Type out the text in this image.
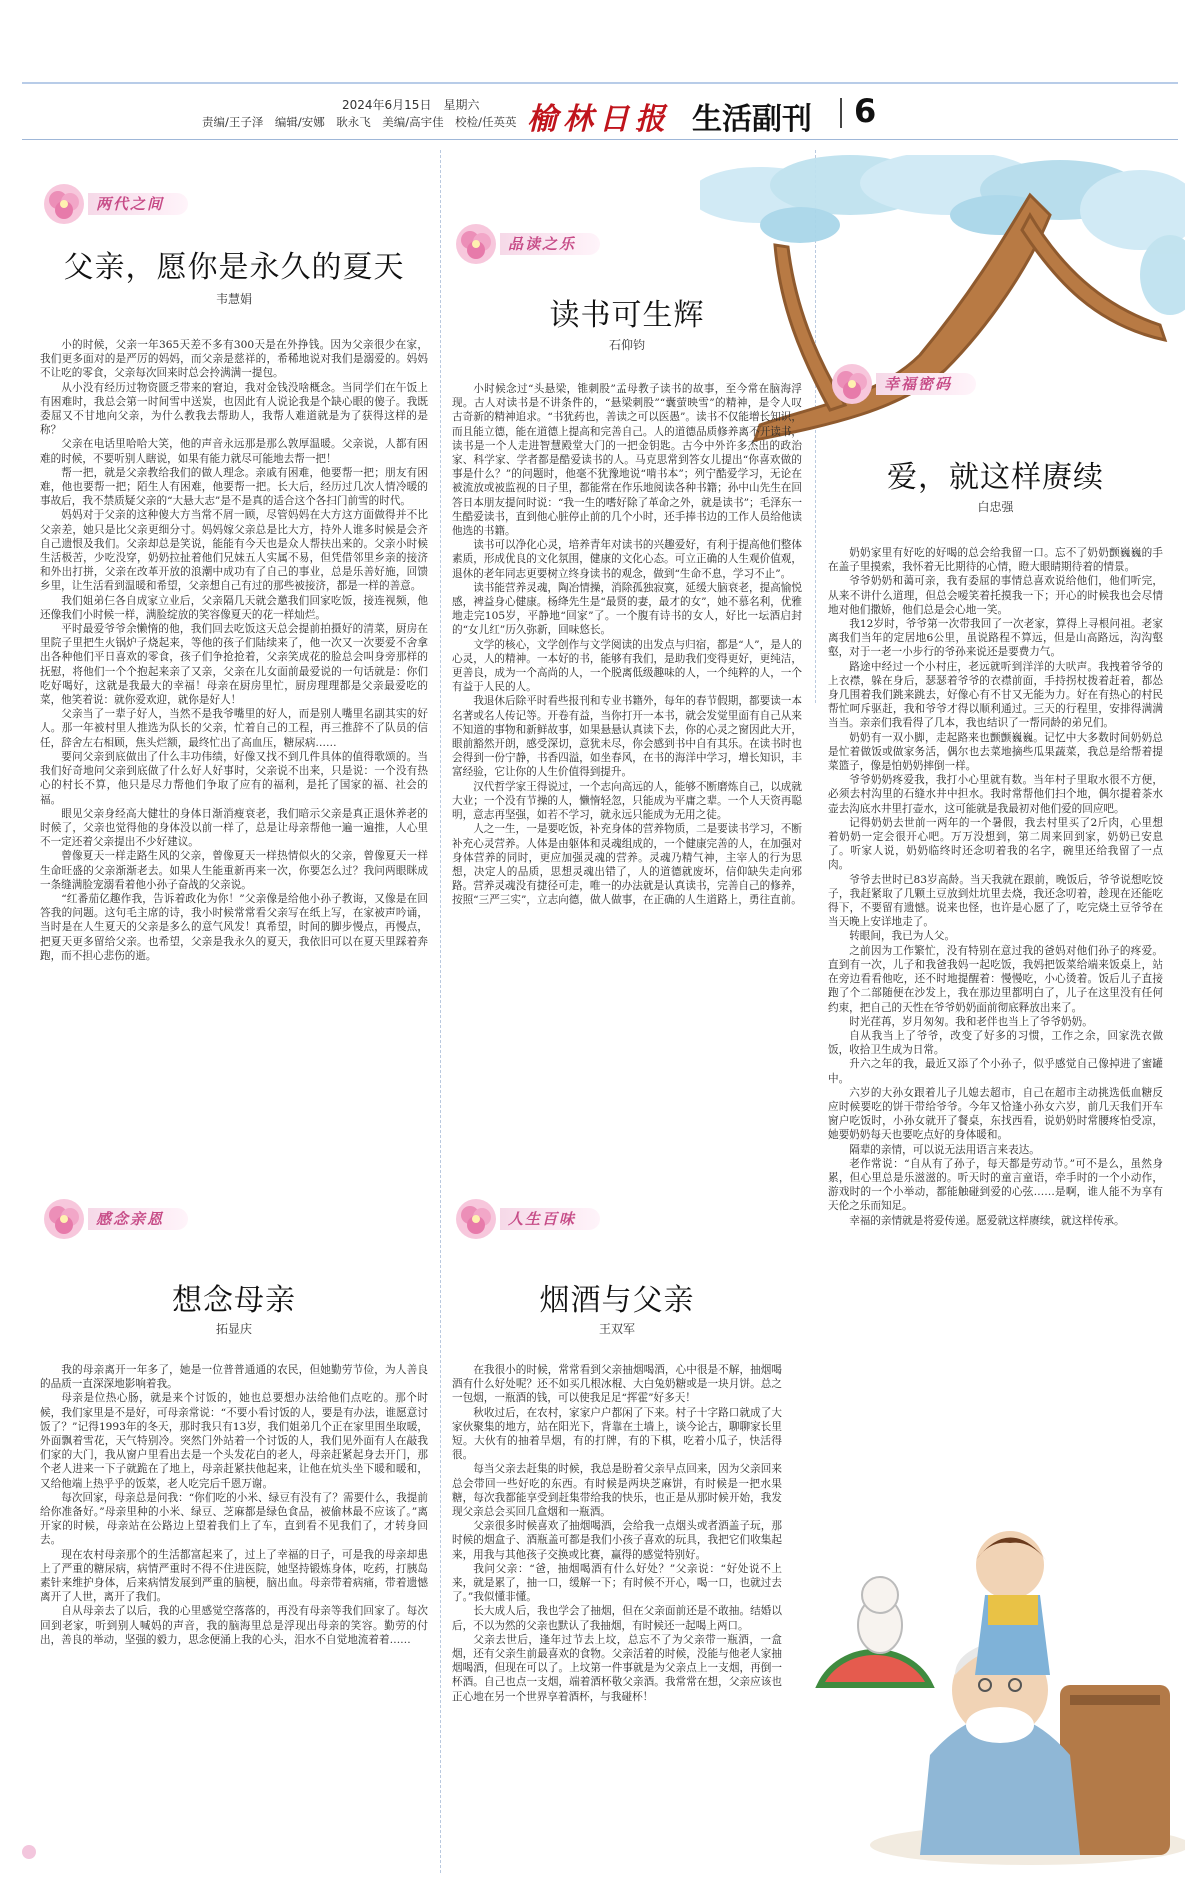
2024年6月15日　星期六
责编/王子泽　编辑/安娜　耿永飞　美编/高宇佳　校检/任英英 榆林日报 生活副刊 6
两代之间
父亲，愿你是永久的夏天
韦慧娟

小的时候，父亲一年365天差不多有300天是在外挣钱。因为父亲很少在家，我们更多面对的是严厉的妈妈，而父亲是慈祥的，希稀地说对我们是溺爱的。妈妈不让吃的零食，父亲每次回来时总会拎满满一提包。

从小没有经历过物资匮乏带来的窘迫，我对金钱没啥概念。当同学们在午饭上有困难时，我总会第一时间雪中送炭，也因此有人说论我是个缺心眼的傻子。我既委屈又不甘地向父亲，为什么教我去帮助人，我帮人难道就是为了获得这样的是称？

父亲在电话里哈哈大笑，他的声音永远那是那么敦厚温暖。父亲说，人都有困难的时候，不要听别人瞎说，如果有能力就尽可能地去帮一把！

帮一把，就是父亲教给我们的做人理念。亲戚有困难，他要帮一把；朋友有困难，他也要帮一把；陌生人有困难，他要帮一把。长大后，经历过几次人情冷暖的事故后，我不禁质疑父亲的“大悬大志”是不是真的适合这个各扫门前雪的时代。

妈妈对于父亲的这种傻大方当常不屑一顾，尽管妈妈在大方这方面做得并不比父亲差，她只是比父亲更细分寸。妈妈嫁父亲总是比大方，持外人谁多时候是会齐自己遗恨及我们。父亲却总是笑说，能能有今天也是众人帮扶出来的。父亲小时候生活极苦，少吃没穿，奶奶拉扯着他们兄妹五人实属不易，但凭借邻里乡亲的接济和外出打拼，父亲在改革开放的浪潮中成功有了自己的事业，总是乐善好施，回馈乡里，让生活看到温暖和希望，父亲想自己有过的那些被接济，都是一样的善意。

我们姐弟仨各自成家立业后，父亲隔几天就会邀我们回家吃饭，接连视频，他还像我们小时候一样，满脸绽放的笑容像夏天的花一样灿烂。

平时最爱爷爷余懒惰的他，我们回去吃饭这天总会提前拍摄好的清菜，厨房在里院子里把生火锅炉子烧起来，等他的孩子们陆续来了，他一次又一次要爱不舍拿出各种他们平日喜欢的零食，孩子们争抢抢着，父亲笑成花的脸总会叫身旁那样的抚慰，将他们一个个抱起来亲了又亲，父亲在儿女面前最爱说的一句话就是：你们吃好喝好，这就是我最大的幸福！母亲在厨房里忙，厨房理理都是父亲最爱吃的菜，他笑着说：就你爱欢迎，就你是好人！

父亲当了一辈子好人，当然不是我爷嘴里的好人，而是别人嘴里名副其实的好人。那一年被村里人推选为队长的父亲，忙着自己的工程，再三推辞不了队员的信任，辞舍左右相顾，焦头烂额，最终忙出了高血压，糖尿病……

要问父亲到底做出了什么丰功伟绩，好像又找不到几件具体的值得歌颂的。当我们好奇地问父亲到底做了什么好人好事时，父亲说不出来，只是说：一个没有热心的村长不算，他只是尽力帮他们争取了应有的福利，是托了国家的福、社会的福。

眼见父亲身经高大健壮的身体日渐消瘦衰老，我们暗示父亲是真正退休养老的时候了，父亲也觉得他的身体没以前一样了，总是让母亲帮他一遍一遍推，人心里不一定还着父亲提出不少好建议。

曾像夏天一样走路生风的父亲，曾像夏天一样热情似火的父亲，曾像夏天一样生命旺盛的父亲渐渐老去。如果人生能重新再来一次，你要怎么过？我问两眼眯成一条缝满脸宠溺看着他小孙子奋战的父亲说。

“红番茄亿趣作我，告诉着政化为你！”父亲像是给他小孙子教诲，又像是在回答我的问题。这句毛主席的诗，我小时候常常看父亲写在纸上写，在家被声吟诵，当时是在人生夏天的父亲是多么的意气风发！真希望，时间的脚步慢点，再慢点，把夏天更多留给父亲。也希望，父亲是我永久的夏天，我依旧可以在夏天里踩着奔跑，而不担心悲伤的逝。

品读之乐
读书可生辉
石仰钧

小时候念过“头悬梁，锥刺股”孟母教子读书的故事，至今常在脑海浮现。古人对读书是不讲条件的，“悬梁刺股”“囊萤映雪”的精神，是令人叹古奇新的精神追求。“书犹药也，善读之可以医愚”。读书不仅能增长知识，而且能立德，能在道德上提高和完善自己。人的道德品质修养离不开读书，读书是一个人走进智慧殿堂大门的一把金钥匙。古今中外许多杰出的政治家、科学家、学者都是酷爱读书的人。马克思常到答女儿提出“你喜欢做的事是什么？”的问题时，他毫不犹豫地说“啃书本”；列宁酷爱学习，无论在被流放或被监视的日子里，都能常在作乐地阅读各种书籍；孙中山先生在回答日本朋友提问时说：“我一生的嗜好除了革命之外，就是读书”；毛泽东一生酷爱读书，直到他心脏停止前的几个小时，还手捧书边的工作人员给他读他选的书籍。

读书可以净化心灵，培养青年对读书的兴趣爱好，有利于提高他们整体素质，形成优良的文化氛围，健康的文化心态。可立正确的人生观价值观，退休的老年同志更要树立终身读书的观念，做到“生命不息，学习不止”。

读书能营养灵魂，陶冶情操，消除孤独寂寞，延缓大脑衰老，提高愉悦感，裨益身心健康。杨绛先生是“最贤的妻，最才的女”，她不慕名利，优雅地走完105岁，平静地“回家”了。一个腹有诗书的女人，好比一坛酒启封的“女儿红”历久弥新，回味悠长。

文学的核心，文学创作与文学阅读的出发点与归宿，都是“人”，是人的心灵，人的精神。一本好的书，能够有我们，是助我们变得更好，更纯洁，更善良，成为一个高尚的人，一个脱离低级趣味的人，一个纯粹的人，一个有益于人民的人。

我退休后除平时看些报刊和专业书籍外，每年的春节假期，都要读一本名著或名人传记等。开卷有益，当你打开一本书，就会发觉里面有自己从来不知道的事物和新鲜故事，如果悬悬认真读下去，你的心灵之窗因此大开，眼前豁然开朗，感受深切，意犹未尽，你会感到书中自有其乐。在读书时也会得到一份宁静，书香四溢，如坐春风，在书的海洋中学习，增长知识，丰富经验，它让你的人生价值得到提升。

汉代哲学家王得说过，一个志向高远的人，能够不断磨炼自己，以成就大业；一个没有节操的人，懒惰轻忽，只能成为平庸之辈。一个人天资再聪明，意志再坚强，如若不学习，就永远只能成为无用之徒。

人之一生，一是要吃饭，补充身体的营养物质，二是要读书学习，不断补充心灵营养。人体是由躯体和灵魂组成的，一个健康完善的人，在加强对身体营养的同时，更应加强灵魂的营养。灵魂乃精气神，主宰人的行为思想，决定人的品质，思想灵魂出错了，人的道德就废坏，信仰缺失走向邪路。营养灵魂没有捷径可走，唯一的办法就是认真读书，完善自己的修养，按照“三严三实”，立志向德，做人做事，在正确的人生道路上，勇往直前。

幸福密码
爱，就这样赓续
白忠强

奶奶家里有好吃的好喝的总会给我留一口。忘不了奶奶颤巍巍的手在盖子里摸索，我怀着无比期待的心情，瞪大眼睛期待着的情景。

爷爷奶奶和蔼可亲，我有委屈的事情总喜欢说给他们，他们听完，从来不讲什么道理，但总会嗳笑着托摸我一下；开心的时候我也会尽情地对他们撒娇，他们总是会心地一笑。

我12岁时，爷爷第一次带我回了一次老家，算得上寻根问祖。老家离我们当年的定居地6公里，虽说路程不算远，但是山高路远，沟沟壑壑，对于一老一小步行的爷孙来说还是要费力气。

路途中经过一个小村庄，老远就听到洋洋的大吠声。我拽着爷爷的上衣襟，躲在身后，瑟瑟着爷爷的衣襟前面，手持拐杖拨着赶着，都怂身几围着我们跳来跳去，好像心有不甘又无能为力。好在有热心的村民帮忙呵斥驱赶，我和爷爷才得以顺利通过。三天的行程里，安排得满满当当。亲亲们我看得了几本，我也结识了一帮同龄的弟兄们。

奶奶有一双小脚，走起路来也颤颤巍巍。记忆中大多数时间奶奶总是忙着做饭或做家务活，偶尔也去菜地摘些瓜果蔬菜，我总是给帮着提菜篮子，像是怕奶奶摔倒一样。

爷爷奶奶疼爱我，我打小心里就有数。当年村子里取水很不方便，必须去村沟里的石缝水井中担水。我时常帮他们扫个地，偶尔提着茶水壶去沟底水井里打壶水，这可能就是我最初对他们爱的回应吧。

记得奶奶去世前一两年的一个暑假，我去村里买了2斤肉，心里想着奶奶一定会很开心吧。万万没想到，第二周来回到家，奶奶已安息了。听家人说，奶奶临终时还念叨着我的名字，碗里还给我留了一点肉。

爷爷去世时已83岁高龄。当天我就在跟前，晚饭后，爷爷说想吃饺子，我赶紧取了几颗土豆放到灶坑里去烧，我还念叨着，趁现在还能吃得下，不要留有遗憾。说来也怪，也许是心愿了了，吃完烧土豆爷爷在当天晚上安详地走了。

转眼间，我已为人父。

之前因为工作繁忙，没有特别在意过我的爸妈对他们孙子的疼爱。直到有一次，儿子和我爸我妈一起吃饭，我妈把饭菜给端来饭桌上，站在旁边看看他吃，还不时地提醒着：慢慢吃，小心烫着。饭后儿子直接跑了个二部随便在沙发上，我在那边里都明白了，儿子在这里没有任何约束，把自己的天性在爷爷奶奶面前彻底释放出来了。

时光荏苒，岁月匆匆。我和老伴也当上了爷爷奶奶。

自从我当上了爷爷，改变了好多的习惯，工作之余，回家洗衣做饭，收拾卫生成为日常。

升六之年的我，最近又添了个小孙子，似乎感觉自己像掉进了蜜罐中。

六岁的大孙女跟着儿子儿媳去超市，自己在超市主动挑选低血糖反应时候要吃的饼干带给爷爷。今年又恰逢小孙女六岁，前几天我们开车窗户吃饭时，小孙女就开了餐桌，东找西看，说奶奶时常腰疼怕受凉，她要奶奶每天也要吃点好的身体暖和。

隔辈的亲情，可以说无法用语言来表达。

老作常说：“自从有了孙子，每天都是劳动节。”可不是么，虽然身累，但心里总是乐滋滋的。听天时的童言童语，牵手时的一个小动作，游戏时的一个小举动，都能触碰到爱的心弦……是啊，谁人能不为享有天伦之乐而知足。

幸福的亲情就是将爱传递。愿爱就这样赓续，就这样传承。

感念亲恩
想念母亲
拓显庆

我的母亲离开一年多了，她是一位普普通通的农民，但她勤劳节俭，为人善良的品质一直深深地影响着我。

母亲是位热心肠，就是来个讨饭的，她也总要想办法给他们点吃的。那个时候，我们家里是不是好，可母亲常说：“不要小看讨饭的人，要是有办法，谁愿意讨饭了？”记得1993年的冬天，那时我只有13岁，我们姐弟几个正在家里围坐取暖，外面飘着雪花，天气特别冷。突然门外站着一个讨饭的人，我们见外面有人在敲我们家的大门，我从窗户里看出去是一个头发花白的老人，母亲赶紧起身去开门，那个老人进来一下子就跪在了地上，母亲赶紧扶他起来，让他在炕头坐下暖和暖和，又给他端上热乎乎的饭菜，老人吃完后千恩万谢。

每次回家，母亲总是问我：“你们吃的小米、绿豆有没有了？需要什么，我提前给你准备好。”母亲里种的小米、绿豆、芝麻都是绿色食品，被偷林最不应该了。”离开家的时候，母亲站在公路边上望着我们上了车，直到看不见我们了，才转身回去。

现在农村母亲那个的生活都富起来了，过上了幸福的日子，可是我的母亲却患上了严重的糖尿病，病情严重时不得不住进医院，她坚持锻炼身体，吃药，打胰岛素针来维护身体，后来病情发展到严重的脑梗，脑出血。母亲带着病痛，带着遗憾离开了人世，离开了我们。

自从母亲去了以后，我的心里感觉空落落的，再没有母亲等我们回家了。每次回到老家，听到别人喊妈的声音，我的脑海里总是浮现出母亲的笑容。勤劳的付出，善良的举动，坚强的毅力，思念便涌上我的心头，泪水不自觉地流着着……

人生百味
烟酒与父亲
王双军

在我很小的时候，常常看到父亲抽烟喝酒，心中很是不解，抽烟喝酒有什么好处呢？还不如买几根冰棍、大白兔奶糖或是一块月饼。总之一包烟，一瓶酒的钱，可以使我足足“挥霍”好多天！

秋收过后，在农村，家家户户都闲了下来。村子十字路口就成了大家伙聚集的地方，站在阳光下，背靠在土墙上，谈今论古，聊聊家长里短。大伙有的抽着旱烟，有的打牌，有的下棋，吃着小瓜子，快活得很。

每当父亲去赶集的时候，我总是盼着父亲早点回来，因为父亲回来总会带回一些好吃的东西。有时候是两块芝麻饼，有时候是一把水果糖，每次我都能享受到赶集带给我的快乐，也正是从那时候开始，我发现父亲总会买回几盒烟和一瓶酒。

父亲很多时候喜欢了抽烟喝酒，会给我一点烟头或者酒盖子玩，那时候的烟盒子、酒瓶盖可都是我们小孩子喜欢的玩具，我把它们收集起来，用我与其他孩子交换或比赛，赢得的感觉特别好。

我问父亲：“爸，抽烟喝酒有什么好处？”父亲说：“好处说不上来，就是累了，抽一口，缓解一下；有时候不开心，喝一口，也就过去了。”我似懂非懂。

长大成人后，我也学会了抽烟，但在父亲面前还是不敢抽。结婚以后，不以为然的父亲也默认了我抽烟，有时候还一起喝上两口。

父亲去世后，逢年过节去上坟，总忘不了为父亲带一瓶酒，一盒烟，还有父亲生前最喜欢的食物。父亲活着的时候，没能与他老人家抽烟喝酒，但现在可以了。上坟第一件事就是为父亲点上一支烟，再倒一杯酒。自己也点一支烟，端着酒杯敬父亲酒。我常常在想，父亲应该也正心地在另一个世界享着酒杯，与我碰杯！
